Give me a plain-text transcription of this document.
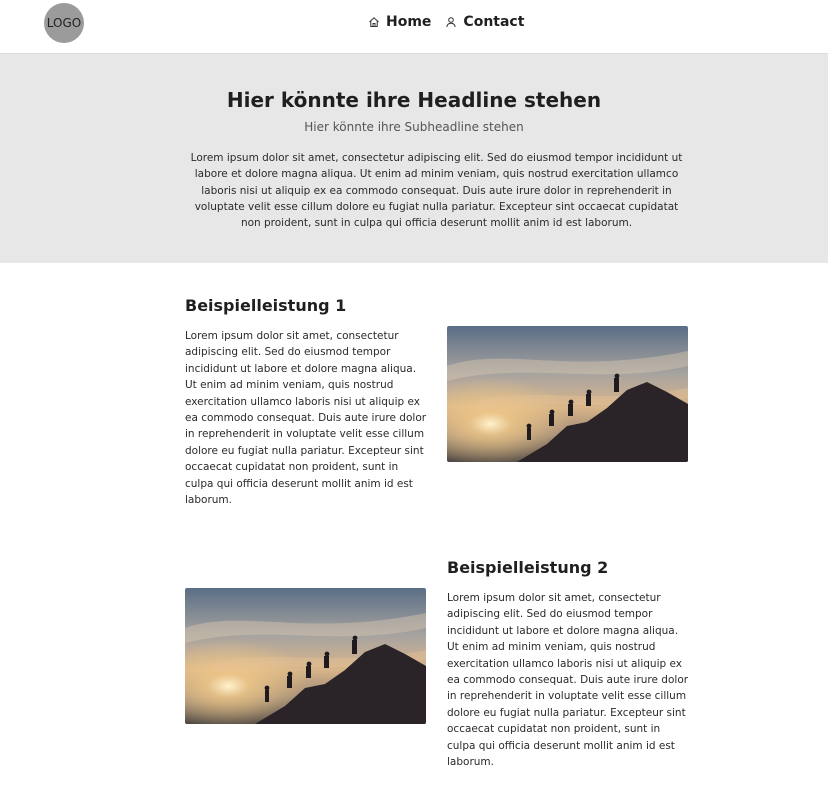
LOGO	Home Contact
Hier könnte ihre Headline stehen

Hier könnte ihre Subheadline stehen

Lorem ipsum dolor sit amet, consectetur adipiscing elit. Sed do eiusmod tempor incididunt ut labore et dolore magna aliqua. Ut enim ad minim veniam, quis nostrud exercitation ullamco laboris nisi ut aliquip ex ea commodo consequat. Duis aute irure dolor in reprehenderit in voluptate velit esse cillum dolore eu fugiat nulla pariatur. Excepteur sint occaecat cupidatat non proident, sunt in culpa qui officia deserunt mollit anim id est laborum.

Beispielleistung 1

Lorem ipsum dolor sit amet, consectetur adipiscing elit. Sed do eiusmod tempor incididunt ut labore et dolore magna aliqua. Ut enim ad minim veniam, quis nostrud exercitation ullamco laboris nisi ut aliquip ex ea commodo consequat. Duis aute irure dolor in reprehenderit in voluptate velit esse cillum dolore eu fugiat nulla pariatur. Excepteur sint occaecat cupidatat non proident, sunt in culpa qui officia deserunt mollit anim id est laborum.

Beispielleistung 2

Lorem ipsum dolor sit amet, consectetur adipiscing elit. Sed do eiusmod tempor incididunt ut labore et dolore magna aliqua. Ut enim ad minim veniam, quis nostrud exercitation ullamco laboris nisi ut aliquip ex ea commodo consequat. Duis aute irure dolor in reprehenderit in voluptate velit esse cillum dolore eu fugiat nulla pariatur. Excepteur sint occaecat cupidatat non proident, sunt in culpa qui officia deserunt mollit anim id est laborum.
